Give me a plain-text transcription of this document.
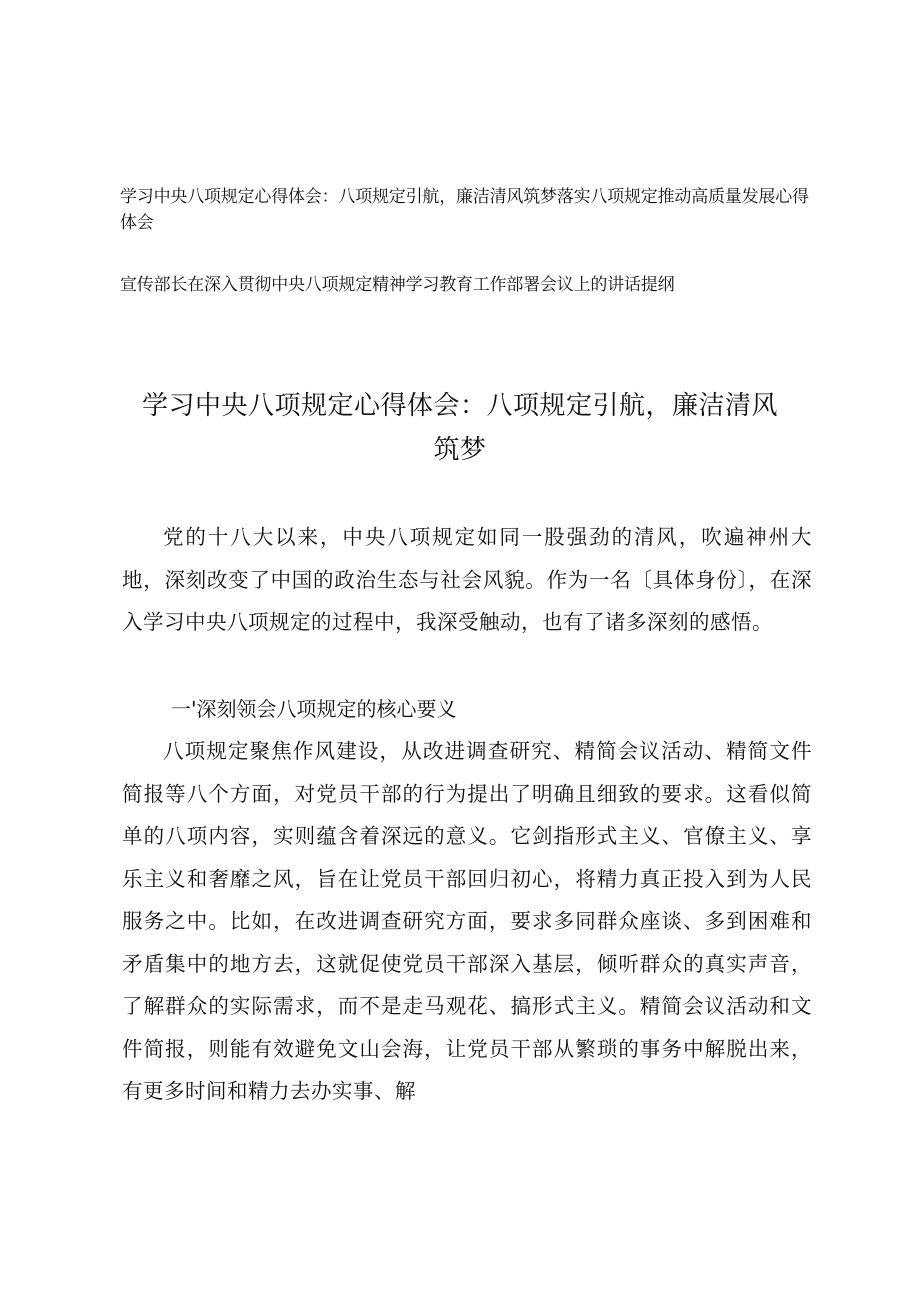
学习中央八项规定心得体会：八项规定引航，廉洁清风筑梦落实八项规定推动高质量发展心得体会
宣传部长在深入贯彻中央八项规定精神学习教育工作部署会议上的讲话提纲
学习中央八项规定心得体会：八项规定引航，廉洁清风
筑梦
党的十八大以来，中央八项规定如同一股强劲的清风，吹遍神州大地，深刻改变了中国的政治生态与社会风貌。作为一名〔具体身份〕，在深入学习中央八项规定的过程中，我深受触动，也有了诸多深刻的感悟。
一'深刻领会八项规定的核心要义
八项规定聚焦作风建设，从改进调查研究、精简会议活动、精简文件简报等八个方面，对党员干部的行为提出了明确且细致的要求。这看似简单的八项内容，实则蕴含着深远的意义。它剑指形式主义、官僚主义、享乐主义和奢靡之风，旨在让党员干部回归初心，将精力真正投入到为人民服务之中。比如，在改进调查研究方面，要求多同群众座谈、多到困难和矛盾集中的地方去，这就促使党员干部深入基层，倾听群众的真实声音，了解群众的实际需求，而不是走马观花、搞形式主义。精简会议活动和文件简报，则能有效避免文山会海，让党员干部从繁琐的事务中解脱出来，有更多时间和精力去办实事、解
